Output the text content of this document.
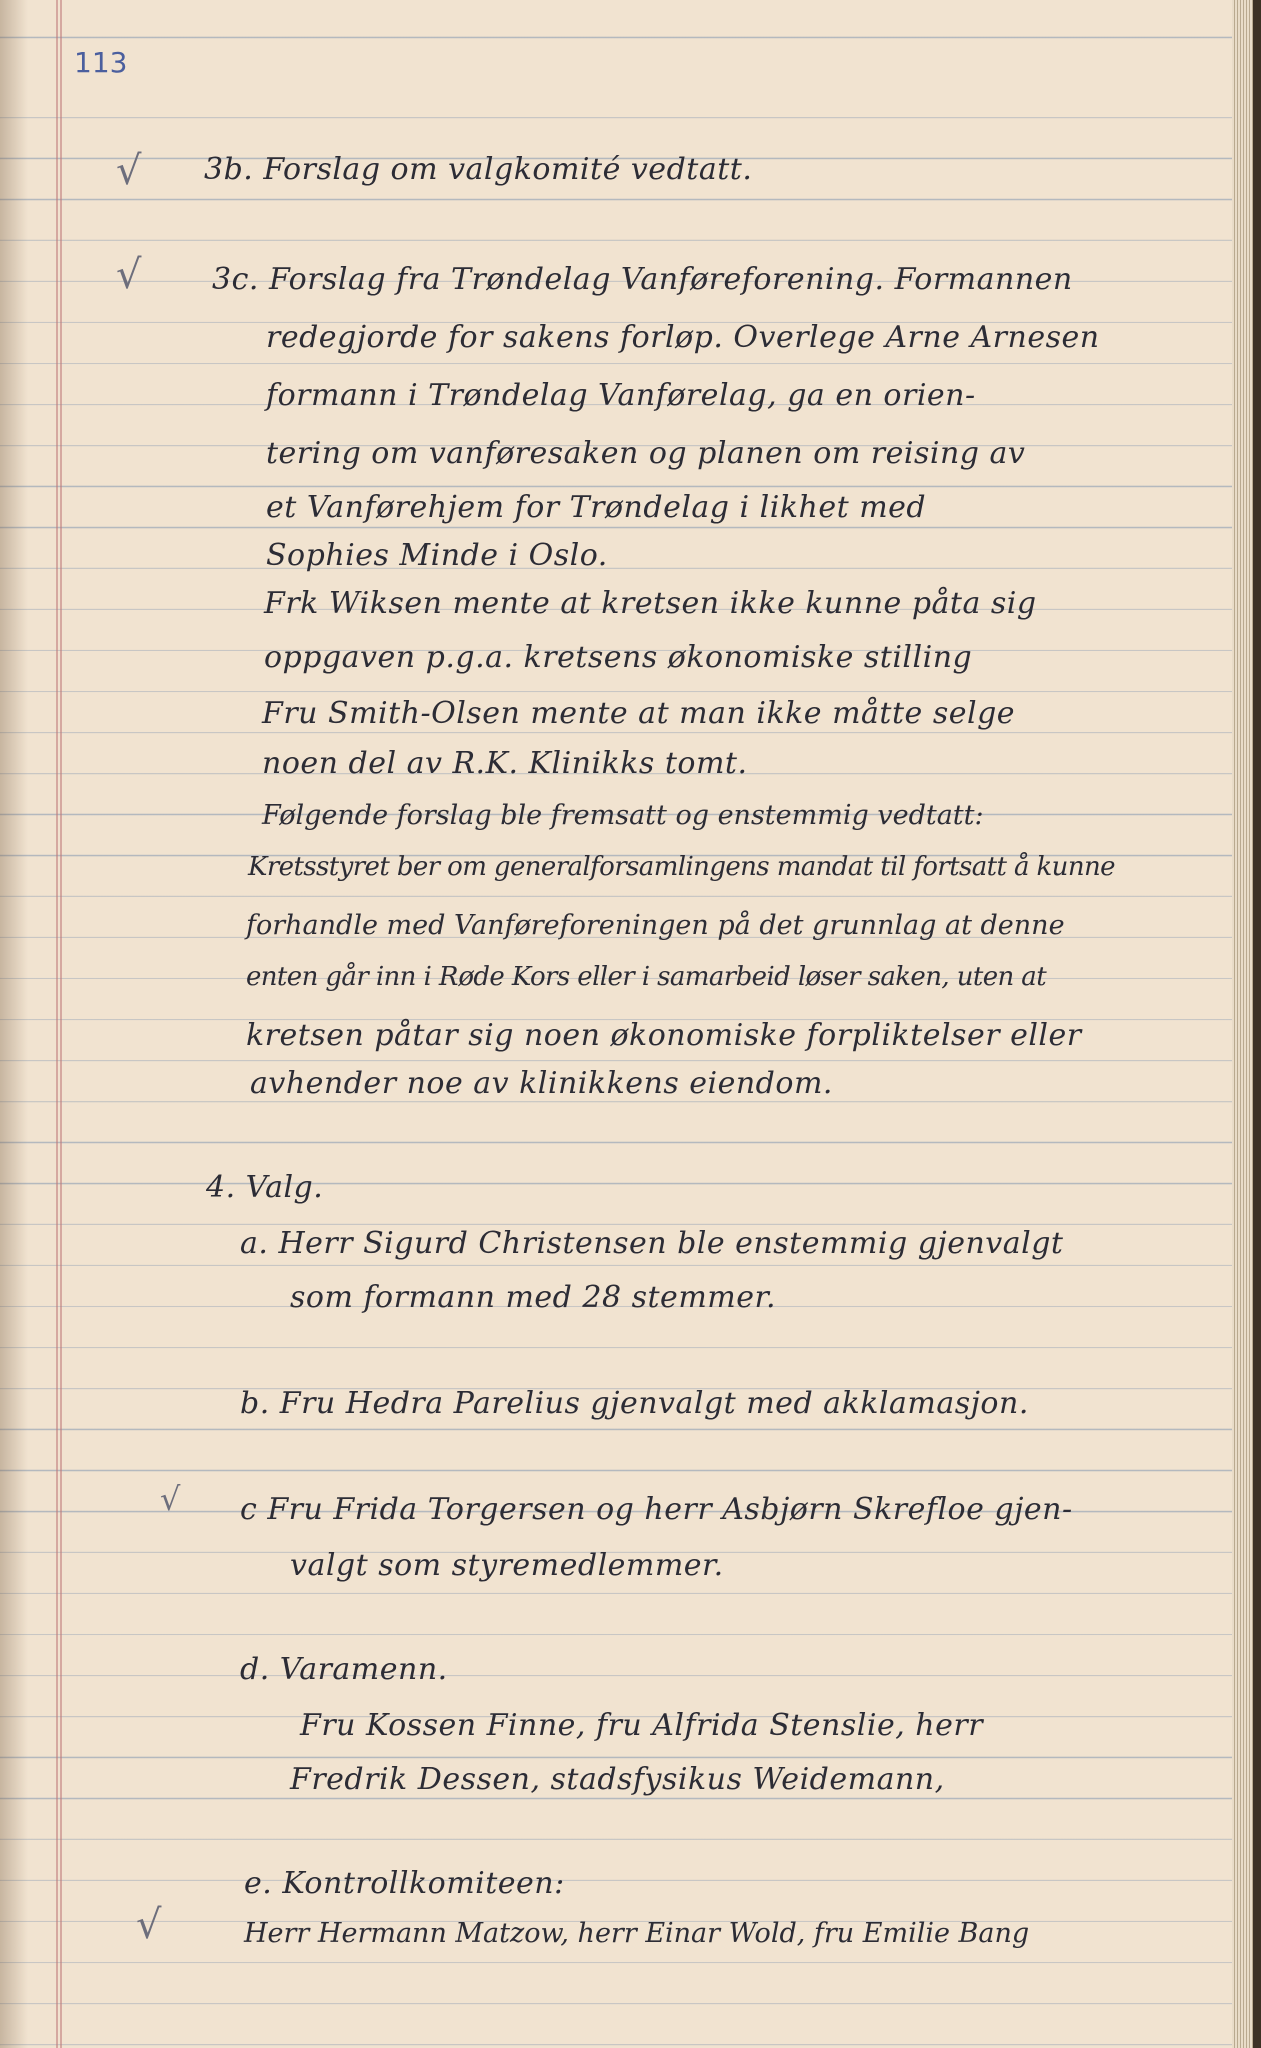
113
√
√
√
√
3b. Forslag om valgkomité vedtatt.
3c. Forslag fra Trøndelag Vanføreforening. Formannen
redegjorde for sakens forløp. Overlege Arne Arnesen
formann i Trøndelag Vanførelag, ga en orien-
tering om vanføresaken og planen om reising av
et Vanførehjem for Trøndelag i likhet med
Sophies Minde i Oslo.
Frk Wiksen mente at kretsen ikke kunne påta sig
oppgaven p.g.a. kretsens økonomiske stilling
Fru Smith-Olsen mente at man ikke måtte selge
noen del av R.K. Klinikks tomt.
Følgende forslag ble fremsatt og enstemmig vedtatt:
Kretsstyret ber om generalforsamlingens mandat til fortsatt å kunne
forhandle med Vanføreforeningen på det grunnlag at denne
enten går inn i Røde Kors eller i samarbeid løser saken, uten at
kretsen påtar sig noen økonomiske forpliktelser eller
avhender noe av klinikkens eiendom.
4. Valg.
a. Herr Sigurd Christensen ble enstemmig gjenvalgt
som formann med 28 stemmer.
b. Fru Hedra Parelius gjenvalgt med akklamasjon.
c Fru Frida Torgersen og herr Asbjørn Skrefloe gjen-
valgt som styremedlemmer.
d. Varamenn.
Fru Kossen Finne, fru Alfrida Stenslie, herr
Fredrik Dessen, stadsfysikus Weidemann,
e. Kontrollkomiteen:
Herr Hermann Matzow, herr Einar Wold, fru Emilie Bang
